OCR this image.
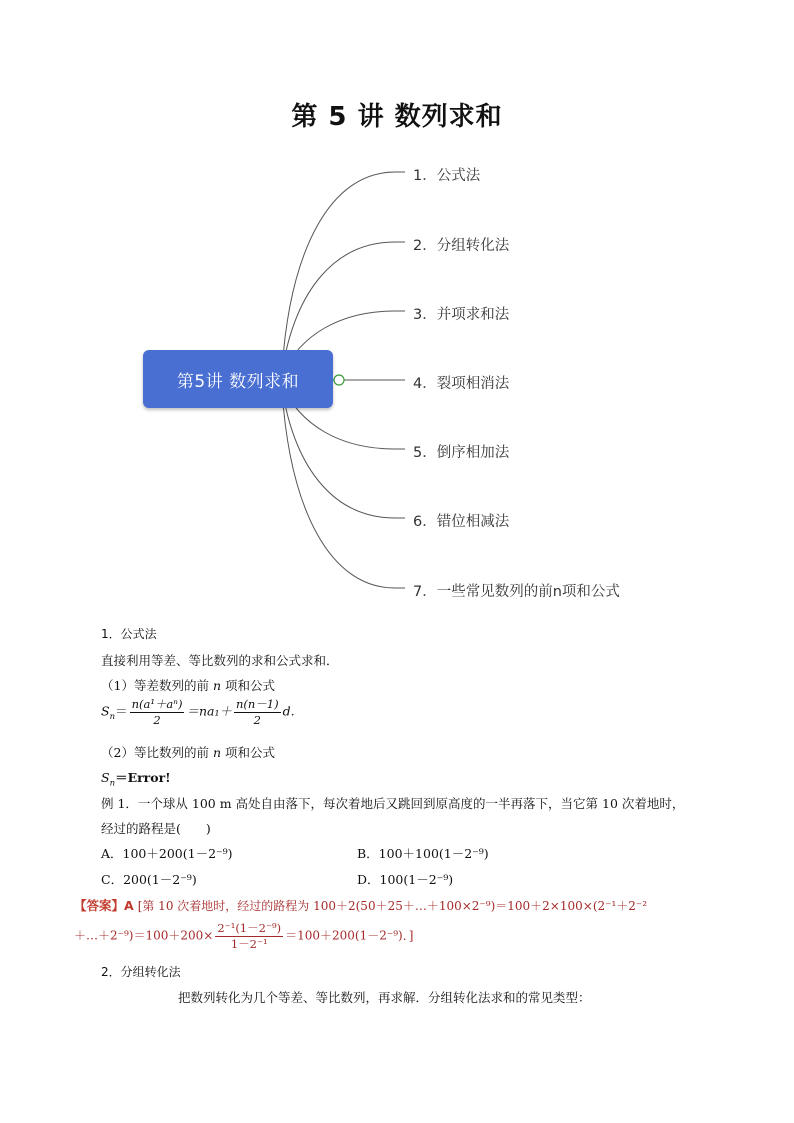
第 5 讲 数列求和
第5讲 数列求和
1．公式法
2．分组转化法
3．并项求和法
4．裂项相消法
5．倒序相加法
6．错位相减法
7．一些常见数列的前n项和公式
1．公式法
直接利用等差、等比数列的求和公式求和．
（1）等差数列的前 n 项和公式
$S_n= \frac{\text{n(a¹＋aⁿ)}}{2} =na_1+ \frac{n(n-1)}{2} d$.
（2）等比数列的前 n 项和公式
$S_n=Error$!
例 1．一个球从 100 m 高处自由落下，每次着地后又跳回到原高度的一半再落下，当它第 10 次着地时，
经过的路程是(　　)
A．100＋200(1－2⁻⁹)	B．100＋100(1－2⁻⁹)
C．200(1－2⁻⁹)	D．100(1－2⁻⁹)
【答案】A [第 10 次着地时，经过的路程为 100＋2(50＋25＋…＋100×2⁻⁹)＝100＋2×100×(2⁻¹＋2⁻²
＋…＋2⁻⁹)＝100＋200× $\frac{\text{2⁻¹(1－2⁻⁹)}}{\text{1－2⁻¹}} =100+200(1-2^{-9})$．]
2．分组转化法
把数列转化为几个等差、等比数列，再求解．分组转化法求和的常见类型：
